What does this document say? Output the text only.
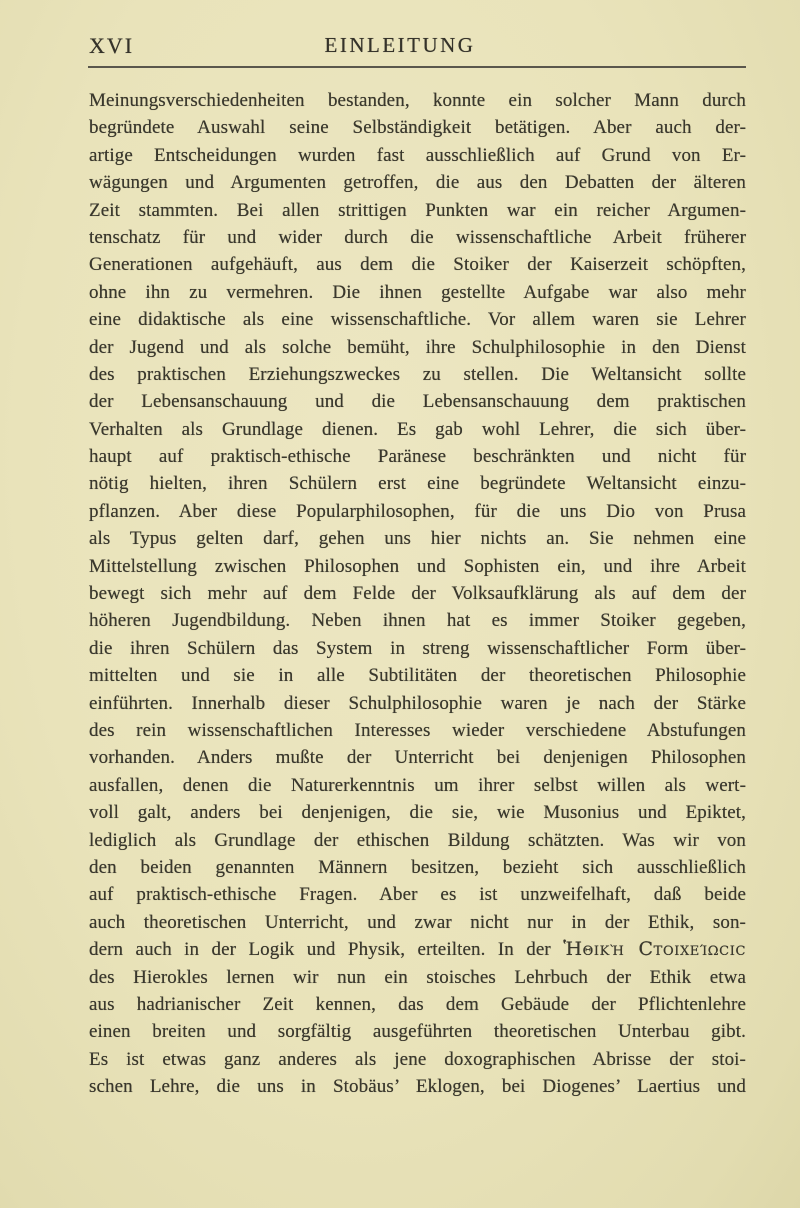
XVI	EINLEITUNG
Meinungsverschiedenheiten bestanden, konnte ein solcher Mann durch
begründete Auswahl seine Selbständigkeit betätigen. Aber auch der-
artige Entscheidungen wurden fast ausschließlich auf Grund von Er-
wägungen und Argumenten getroffen, die aus den Debatten der älteren
Zeit stammten. Bei allen strittigen Punkten war ein reicher Argumen-
tenschatz für und wider durch die wissenschaftliche Arbeit früherer
Generationen aufgehäuft, aus dem die Stoiker der Kaiserzeit schöpften,
ohne ihn zu vermehren. Die ihnen gestellte Aufgabe war also mehr
eine didaktische als eine wissenschaftliche. Vor allem waren sie Lehrer
der Jugend und als solche bemüht, ihre Schulphilosophie in den Dienst
des praktischen Erziehungszweckes zu stellen. Die Weltansicht sollte
der Lebensanschauung und die Lebensanschauung dem praktischen
Verhalten als Grundlage dienen. Es gab wohl Lehrer, die sich über-
haupt auf praktisch-ethische Paränese beschränkten und nicht für
nötig hielten, ihren Schülern erst eine begründete Weltansicht einzu-
pflanzen. Aber diese Popularphilosophen, für die uns Dio von Prusa
als Typus gelten darf, gehen uns hier nichts an. Sie nehmen eine
Mittelstellung zwischen Philosophen und Sophisten ein, und ihre Arbeit
bewegt sich mehr auf dem Felde der Volksaufklärung als auf dem der
höheren Jugendbildung. Neben ihnen hat es immer Stoiker gegeben,
die ihren Schülern das System in streng wissenschaftlicher Form über-
mittelten und sie in alle Subtilitäten der theoretischen Philosophie
einführten. Innerhalb dieser Schulphilosophie waren je nach der Stärke
des rein wissenschaftlichen Interesses wieder verschiedene Abstufungen
vorhanden. Anders mußte der Unterricht bei denjenigen Philosophen
ausfallen, denen die Naturerkenntnis um ihrer selbst willen als wert-
voll galt, anders bei denjenigen, die sie, wie Musonius und Epiktet,
lediglich als Grundlage der ethischen Bildung schätzten. Was wir von
den beiden genannten Männern besitzen, bezieht sich ausschließlich
auf praktisch-ethische Fragen. Aber es ist unzweifelhaft, daß beide
auch theoretischen Unterricht, und zwar nicht nur in der Ethik, son-
dern auch in der Logik und Physik, erteilten. In der Ἡθικὴ Ϲτοιχείωϲιϲ
des Hierokles lernen wir nun ein stoisches Lehrbuch der Ethik etwa
aus hadrianischer Zeit kennen, das dem Gebäude der Pflichtenlehre
einen breiten und sorgfältig ausgeführten theoretischen Unterbau gibt.
Es ist etwas ganz anderes als jene doxographischen Abrisse der stoi-
schen Lehre, die uns in Stobäus’ Eklogen, bei Diogenes’ Laertius und
